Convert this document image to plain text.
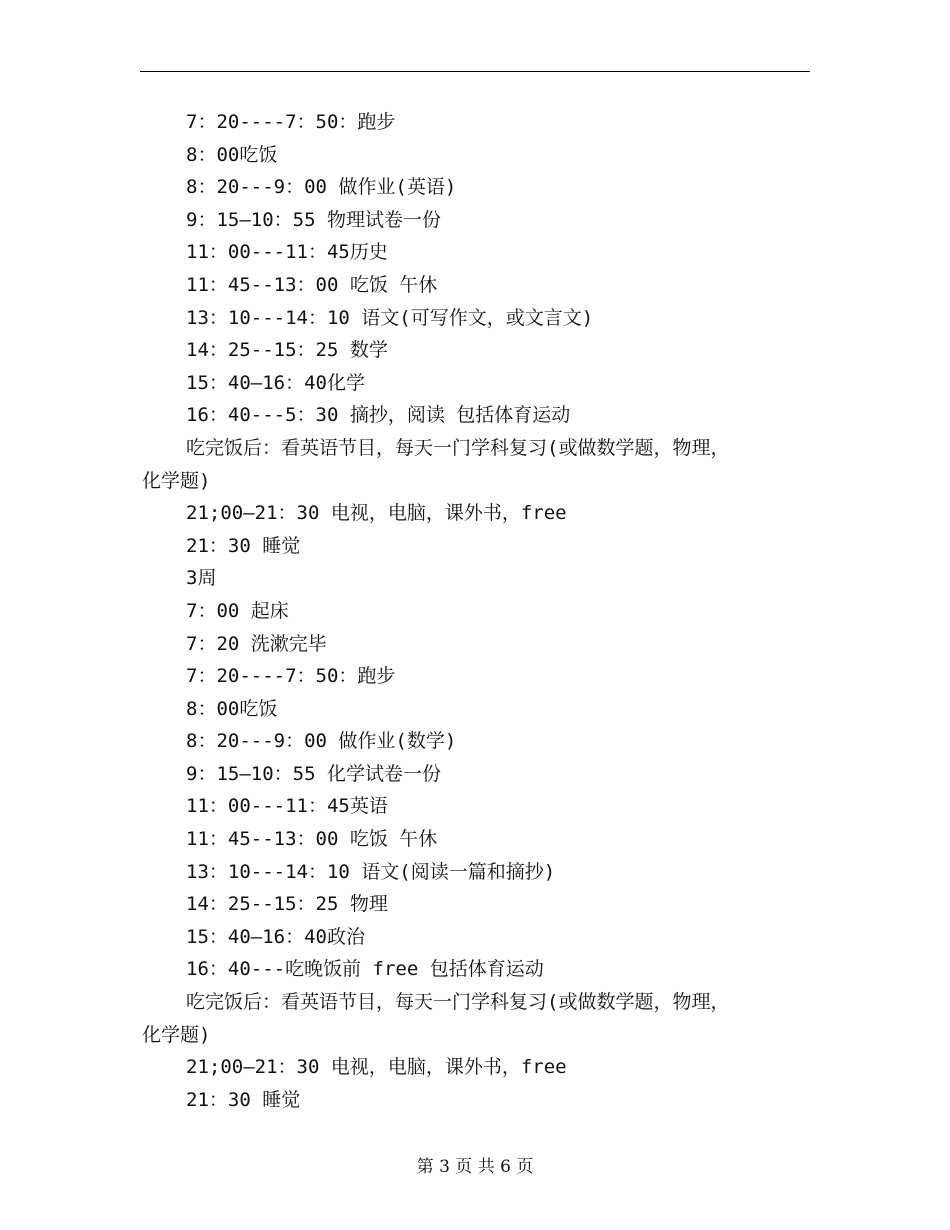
7：20----7：50：跑步
8：00吃饭
8：20---9：00 做作业(英语)
9：15—10：55 物理试卷一份
11：00---11：45历史
11：45--13：00 吃饭 午休
13：10---14：10 语文(可写作文，或文言文)
14：25--15：25 数学
15：40—16：40化学
16：40---5：30 摘抄，阅读 包括体育运动
吃完饭后：看英语节目，每天一门学科复习(或做数学题，物理，
化学题)
21;00—21：30 电视，电脑，课外书，free
21：30 睡觉
3周
7：00 起床
7：20 洗漱完毕
7：20----7：50：跑步
8：00吃饭
8：20---9：00 做作业(数学)
9：15—10：55 化学试卷一份
11：00---11：45英语
11：45--13：00 吃饭 午休
13：10---14：10 语文(阅读一篇和摘抄)
14：25--15：25 物理
15：40—16：40政治
16：40---吃晚饭前 free 包括体育运动
吃完饭后：看英语节目，每天一门学科复习(或做数学题，物理，
化学题)
21;00—21：30 电视，电脑，课外书，free
21：30 睡觉
第 3 页 共 6 页
